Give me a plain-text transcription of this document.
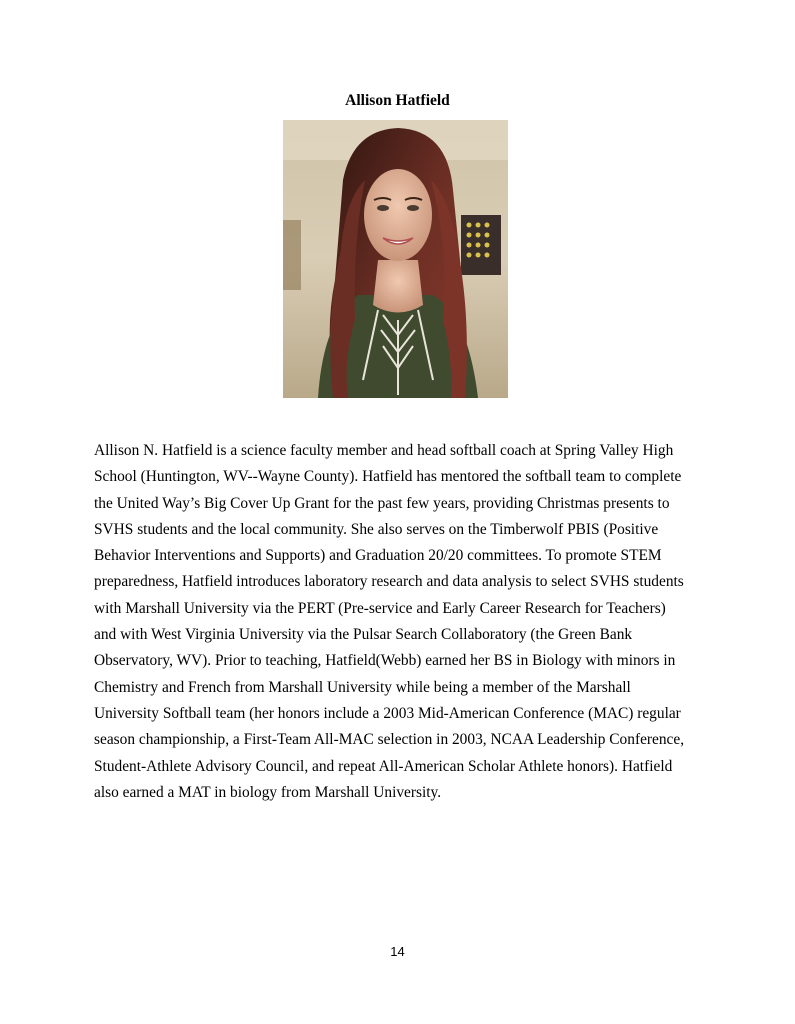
Allison Hatfield

Allison N. Hatfield is a science faculty member and head softball coach at Spring Valley High
School (Huntington, WV--Wayne County). Hatfield has mentored the softball team to complete
the United Way’s Big Cover Up Grant for the past few years, providing Christmas presents to
SVHS students and the local community. She also serves on the Timberwolf PBIS (Positive
Behavior Interventions and Supports) and Graduation 20/20 committees. To promote STEM
preparedness, Hatfield introduces laboratory research and data analysis to select SVHS students
with Marshall University via the PERT (Pre-service and Early Career Research for Teachers)
and with West Virginia University via the Pulsar Search Collaboratory (the Green Bank
Observatory, WV). Prior to teaching, Hatfield(Webb) earned her BS in Biology with minors in
Chemistry and French from Marshall University while being a member of the Marshall
University Softball team (her honors include a 2003 Mid-American Conference (MAC) regular
season championship, a First-Team All-MAC selection in 2003, NCAA Leadership Conference,
Student-Athlete Advisory Council, and repeat All-American Scholar Athlete honors). Hatfield
also earned a MAT in biology from Marshall University.

14
